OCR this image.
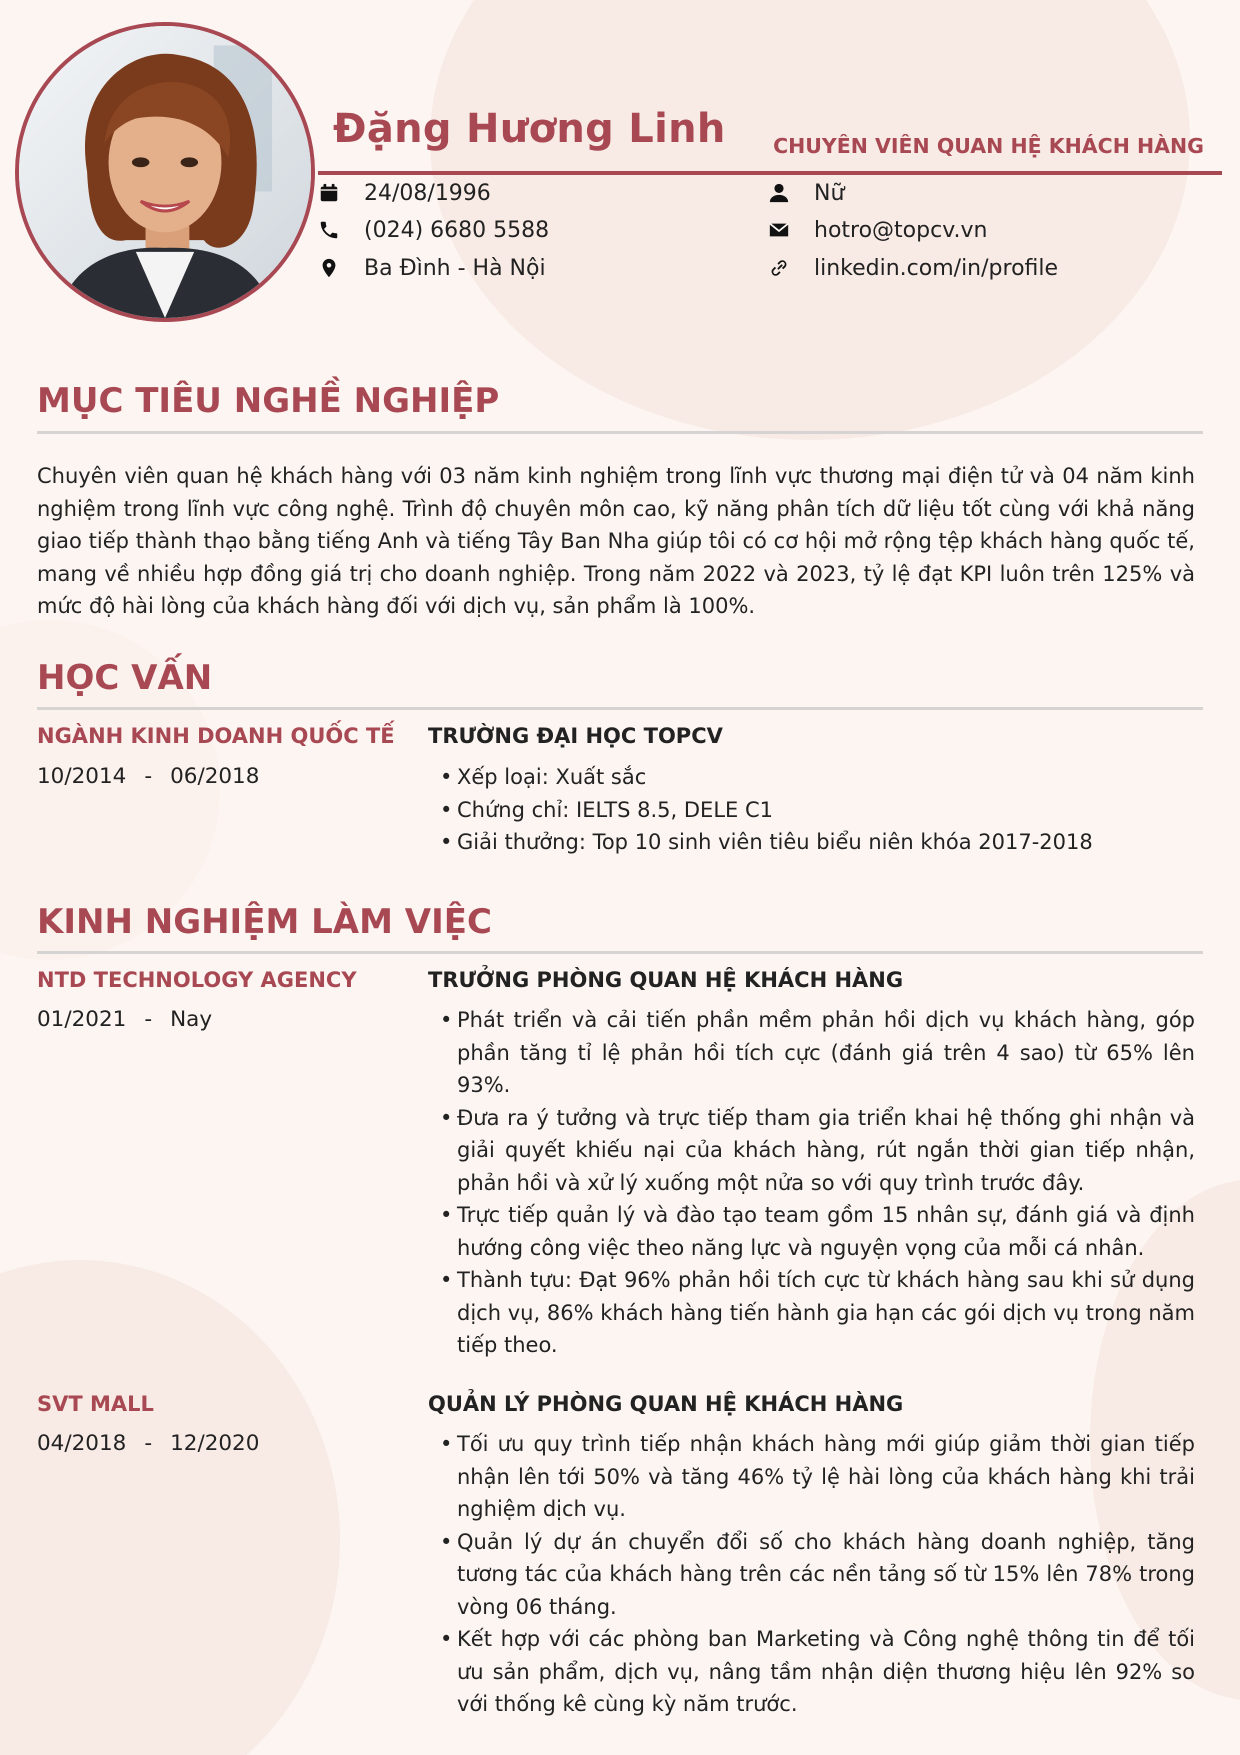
Đặng Hương Linh CHUYÊN VIÊN QUAN HỆ KHÁCH HÀNG
24/08/1996
(024) 6680 5588
Ba Đình - Hà Nội
Nữ
hotro@topcv.vn
linkedin.com/in/profile
MỤC TIÊU NGHỀ NGHIỆP
Chuyên viên quan hệ khách hàng với 03 năm kinh nghiệm trong lĩnh vực thương mại điện tử và 04 năm kinh nghiệm trong lĩnh vực công nghệ. Trình độ chuyên môn cao, kỹ năng phân tích dữ liệu tốt cùng với khả năng giao tiếp thành thạo bằng tiếng Anh và tiếng Tây Ban Nha giúp tôi có cơ hội mở rộng tệp khách hàng quốc tế, mang về nhiều hợp đồng giá trị cho doanh nghiệp. Trong năm 2022 và 2023, tỷ lệ đạt KPI luôn trên 125% và mức độ hài lòng của khách hàng đối với dịch vụ, sản phẩm là 100%.
HỌC VẤN
NGÀNH KINH DOANH QUỐC TẾ
10/2014 - 06/2018
TRƯỜNG ĐẠI HỌC TOPCV
• Xếp loại: Xuất sắc
• Chứng chỉ: IELTS 8.5, DELE C1
• Giải thưởng: Top 10 sinh viên tiêu biểu niên khóa 2017-2018
KINH NGHIỆM LÀM VIỆC
NTD TECHNOLOGY AGENCY
01/2021 - Nay
TRƯỞNG PHÒNG QUAN HỆ KHÁCH HÀNG
• Phát triển và cải tiến phần mềm phản hồi dịch vụ khách hàng, góp phần tăng tỉ lệ phản hồi tích cực (đánh giá trên 4 sao) từ 65% lên 93%.
• Đưa ra ý tưởng và trực tiếp tham gia triển khai hệ thống ghi nhận và giải quyết khiếu nại của khách hàng, rút ngắn thời gian tiếp nhận, phản hồi và xử lý xuống một nửa so với quy trình trước đây.
• Trực tiếp quản lý và đào tạo team gồm 15 nhân sự, đánh giá và định hướng công việc theo năng lực và nguyện vọng của mỗi cá nhân.
• Thành tựu: Đạt 96% phản hồi tích cực từ khách hàng sau khi sử dụng dịch vụ, 86% khách hàng tiến hành gia hạn các gói dịch vụ trong năm tiếp theo.
SVT MALL
04/2018 - 12/2020
QUẢN LÝ PHÒNG QUAN HỆ KHÁCH HÀNG
• Tối ưu quy trình tiếp nhận khách hàng mới giúp giảm thời gian tiếp nhận lên tới 50% và tăng 46% tỷ lệ hài lòng của khách hàng khi trải nghiệm dịch vụ.
• Quản lý dự án chuyển đổi số cho khách hàng doanh nghiệp, tăng tương tác của khách hàng trên các nền tảng số từ 15% lên 78% trong vòng 06 tháng.
• Kết hợp với các phòng ban Marketing và Công nghệ thông tin để tối ưu sản phẩm, dịch vụ, nâng tầm nhận diện thương hiệu lên 92% so với thống kê cùng kỳ năm trước.
